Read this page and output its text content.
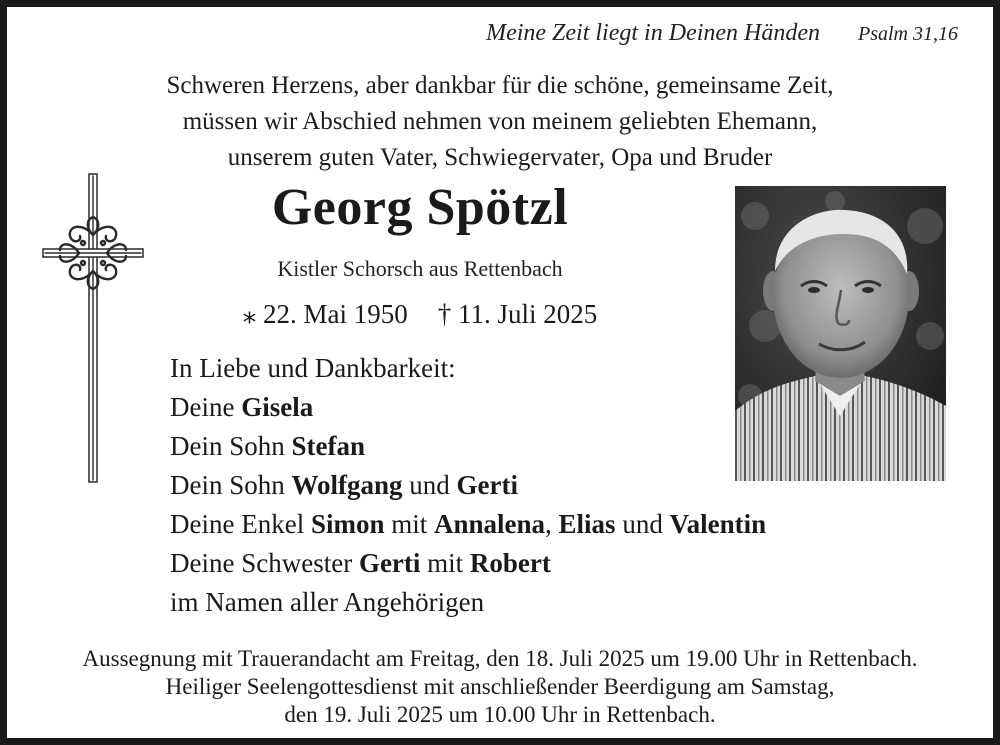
Meine Zeit liegt in Deinen Händen Psalm 31,16
Schweren Herzens, aber dankbar für die schöne, gemeinsame Zeit,
müssen wir Abschied nehmen von meinem geliebten Ehemann,
unserem guten Vater, Schwiegervater, Opa und Bruder
Georg Spötzl
Kistler Schorsch aus Rettenbach
⁎ 22. Mai 1950 † 11. Juli 2025
In Liebe und Dankbarkeit:
Deine Gisela
Dein Sohn Stefan
Dein Sohn Wolfgang und Gerti
Deine Enkel Simon mit Annalena, Elias und Valentin
Deine Schwester Gerti mit Robert
im Namen aller Angehörigen
Aussegnung mit Trauerandacht am Freitag, den 18. Juli 2025 um 19.00 Uhr in Rettenbach.
Heiliger Seelengottesdienst mit anschließender Beerdigung am Samstag,
den 19. Juli 2025 um 10.00 Uhr in Rettenbach.
